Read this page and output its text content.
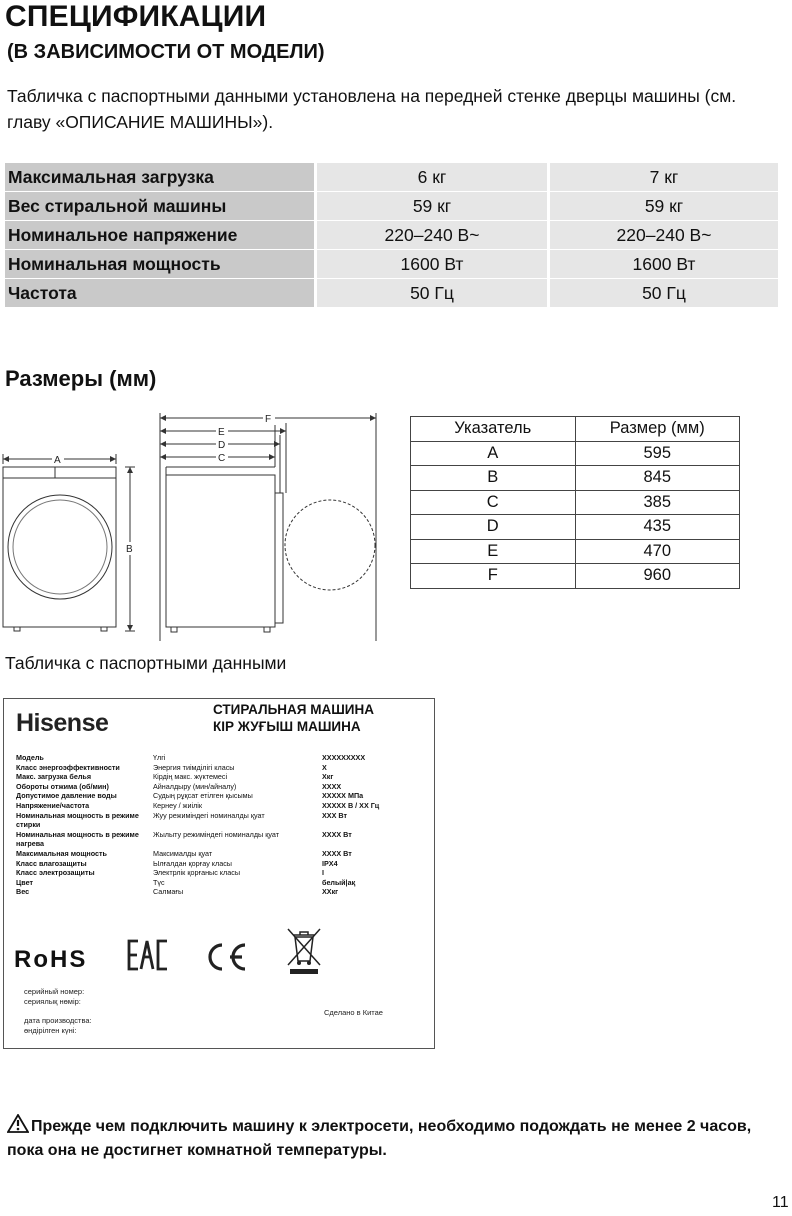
СПЕЦИФИКАЦИИ
(В ЗАВИСИМОСТИ ОТ МОДЕЛИ)
Табличка с паспортными данными установлена на передней стенке дверцы машины (см. главу «ОПИСАНИЕ МАШИНЫ»).
Максимальная загрузка	6 кг	7 кг
Вес стиральной машины	59 кг	59 кг
Номинальное напряжение	220–240 В~	220–240 В~
Номинальная мощность	1600 Вт	1600 Вт
Частота	50 Гц	50 Гц
Размеры (мм)
A
B
F
E
D
C
Указатель	Размер (мм)
A	595
B	845
C	385
D	435
E	470
F	960
Табличка с паспортными данными
Hisense	СТИРАЛЬНАЯ МАШИНА
КІР ЖУҒЫШ МАШИНА
Модель	Үлгі	XXXXXXXXX
Класс энергоэффективности	Энергия тиімділігі класы	X
Макс. загрузка белья	Кірдің макс. жүктемесі	Xкг
Обороты отжима (об/мин)	Айналдыру (мин/айналу)	XXXX
Допустимое давление воды	Судың рұқсат етілген қысымы	XXXXX МПа
Напряжение/частота	Кернеу / жиілік	XXXXX В / XX Гц
Номинальная мощность в режиме стирки
Жуу режиміндегі номиналды қуат	XXX Вт
Номинальная мощность в режиме нагрева
Жылыту режиміндегі номиналды қуат	XXXX Вт
Максимальная мощность	Максималды қуат	XXXX Вт
Класс влагозащиты	Ылғалдан қорғау класы	IPX4
Класс электрозащиты	Электрлік қорғаныс класы	I
Цвет	Түс	белый|ақ
Вес	Салмағы	XXкг
RoHS
серийный номер:
сериялық нөмір:
дата производства:
өндірілген күні:
Сделано в Китае
Прежде чем подключить машину к электросети, необходимо подождать не менее 2 часов, пока она не достигнет комнатной температуры.
11
